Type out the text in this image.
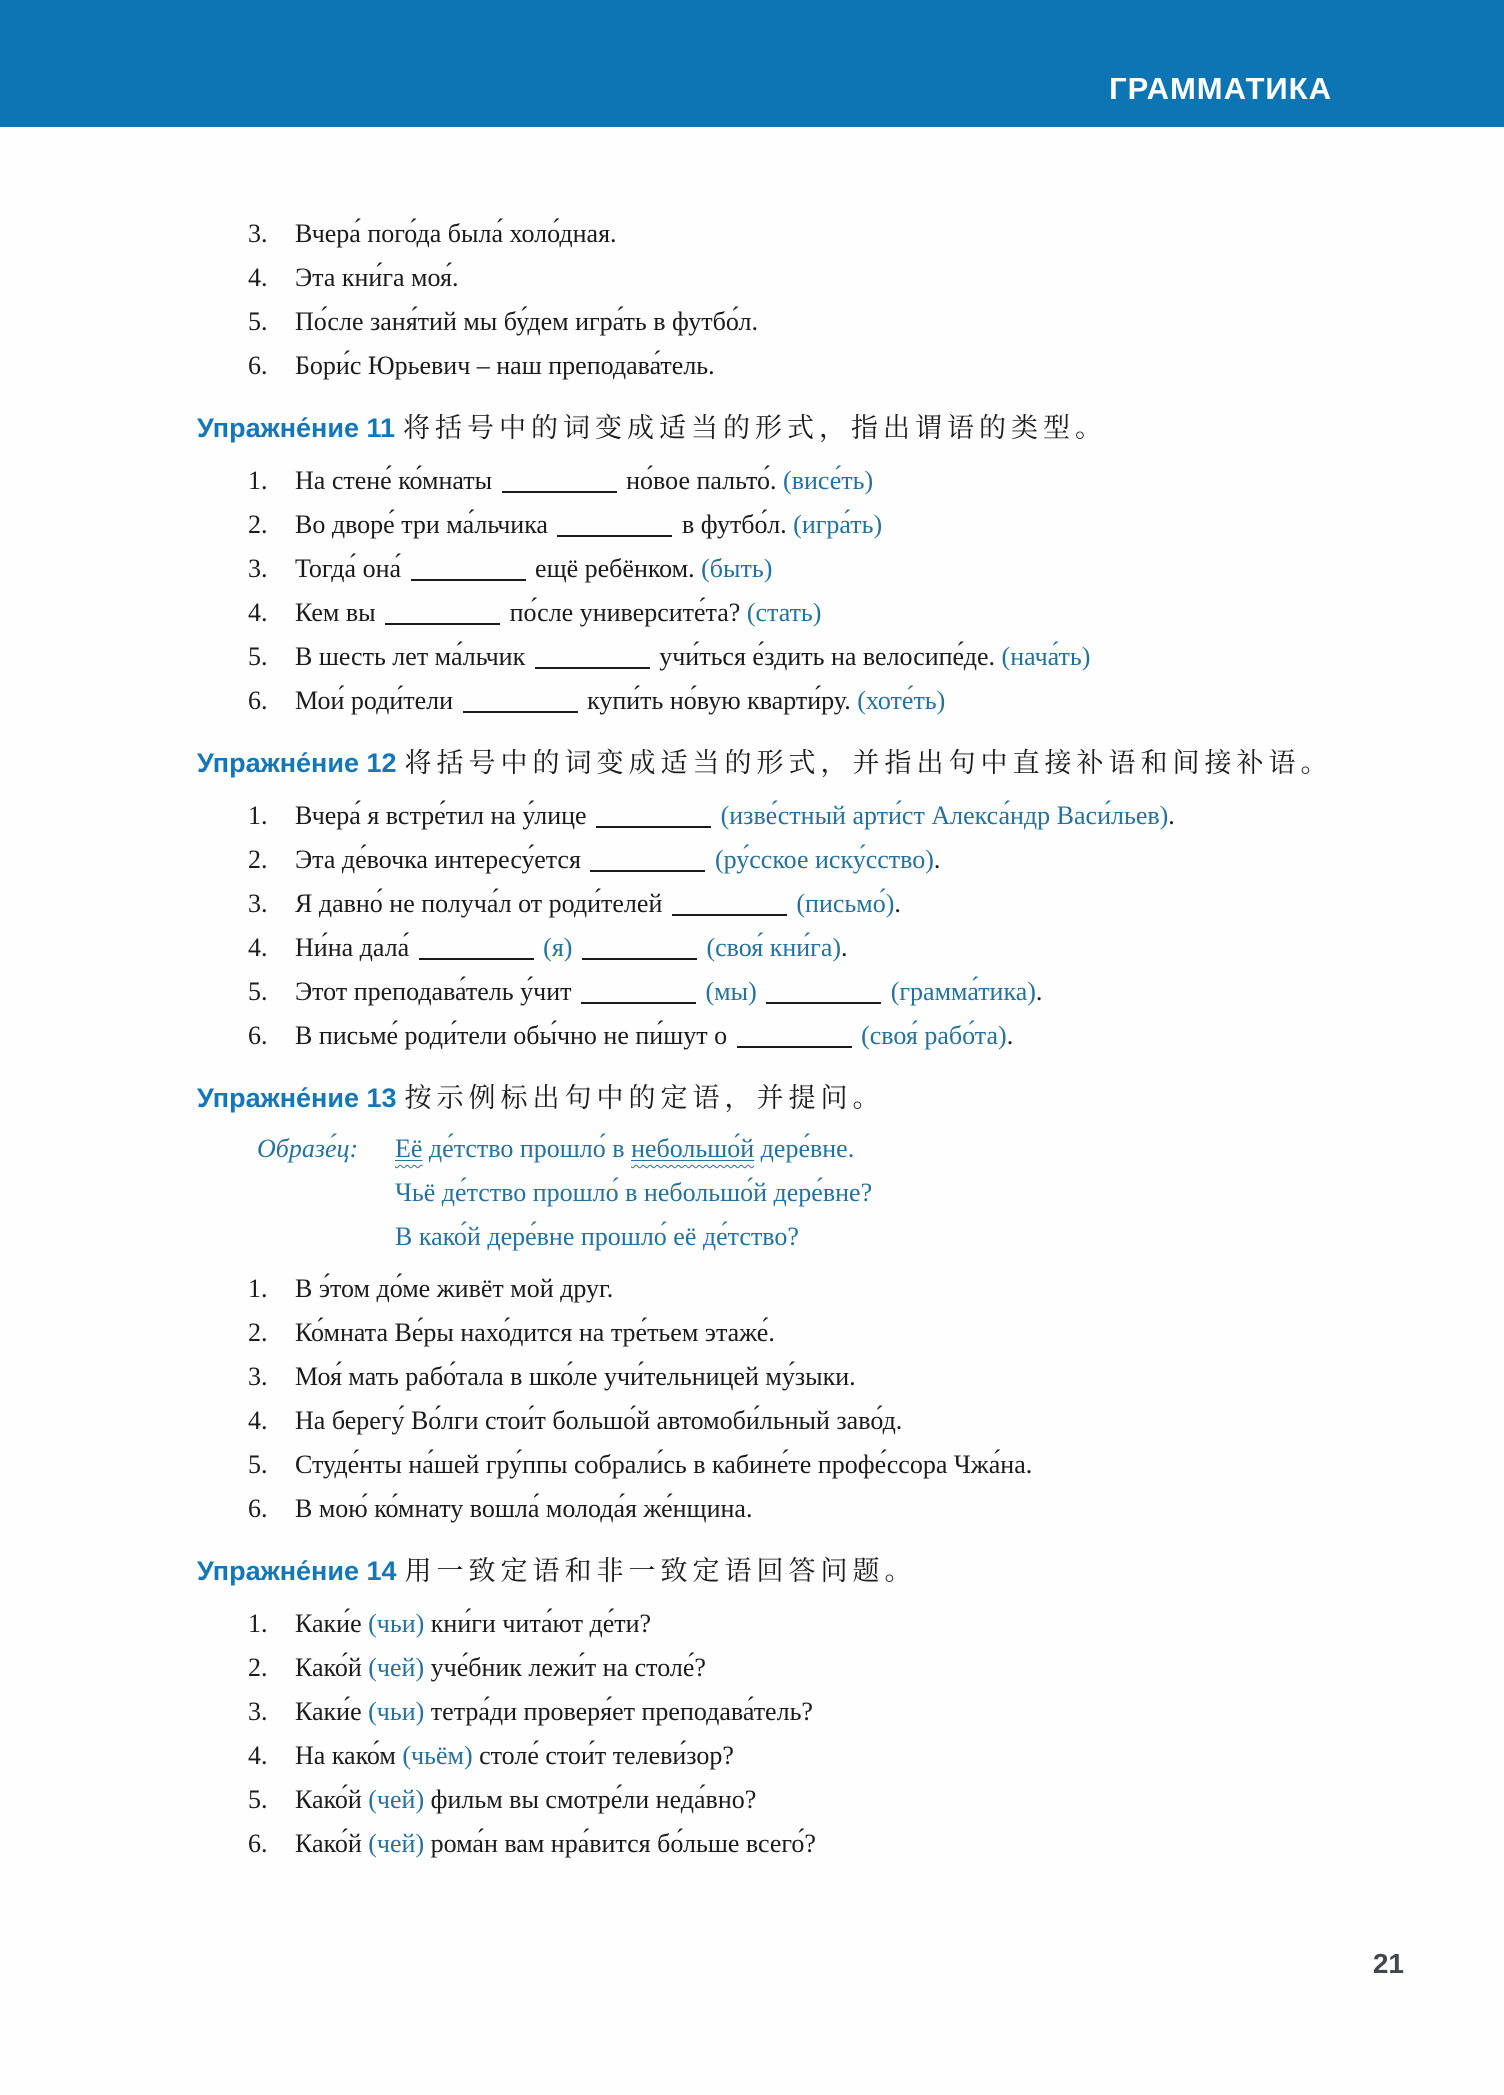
ГРАММАТИКА
3. Вчера́ пого́да была́ холо́дная.
4. Эта кни́га моя́.
5. По́сле заня́тий мы бу́дем игра́ть в футбо́л.
6. Бори́с Юрьевич – наш преподава́тель.
Упражне́ние 11 将括号中的词变成适当的形式，指出谓语的类型。
1. На стене́ ко́мнаты	но́вое пальто́. (висе́ть)
2. Во дворе́ три ма́льчика	в футбо́л. (игра́ть)
3. Тогда́ она́	ещё ребёнком. (быть)
4. Кем вы	по́сле университе́та? (стать)
5. В шесть лет ма́льчик	учи́ться е́здить на велосипе́де. (нача́ть)
6. Мои́ роди́тели	купи́ть но́вую кварти́ру. (хоте́ть)
Упражне́ние 12 将括号中的词变成适当的形式，并指出句中直接补语和间接补语。
1. Вчера́ я встре́тил на у́лице	(изве́стный арти́ст Алекса́ндр Васи́льев).
2. Эта де́вочка интересу́ется	(ру́сское иску́сство).
3. Я давно́ не получа́л от роди́телей	(письмо́).
4. Ни́на дала́	(я)	(своя́ кни́га).
5. Этот преподава́тель у́чит	(мы)	(грамма́тика).
6. В письме́ роди́тели обы́чно не пи́шут о	(своя́ рабо́та).
Упражне́ние 13 按示例标出句中的定语，并提问。
Образе́ц:	Её де́тство прошло́ в небольшо́й дере́вне.
Чьё де́тство прошло́ в небольшо́й дере́вне?
В како́й дере́вне прошло́ её де́тство?
1. В э́том до́ме живёт мой друг.
2. Ко́мната Ве́ры нахо́дится на тре́тьем этаже́.
3. Моя́ мать рабо́тала в шко́ле учи́тельницей му́зыки.
4. На берегу́ Во́лги стои́т большо́й автомоби́льный заво́д.
5. Студе́нты на́шей гру́ппы собрали́сь в кабине́те профе́ссора Чжа́на.
6. В мою́ ко́мнату вошла́ молода́я же́нщина.
Упражне́ние 14 用一致定语和非一致定语回答问题。
1. Каки́е (чьи) кни́ги чита́ют де́ти?
2. Како́й (чей) уче́бник лежи́т на столе́?
3. Каки́е (чьи) тетра́ди проверя́ет преподава́тель?
4. На како́м (чьём) столе́ стои́т телеви́зор?
5. Како́й (чей) фильм вы смотре́ли неда́вно?
6. Како́й (чей) рома́н вам нра́вится бо́льше всего́?
21
